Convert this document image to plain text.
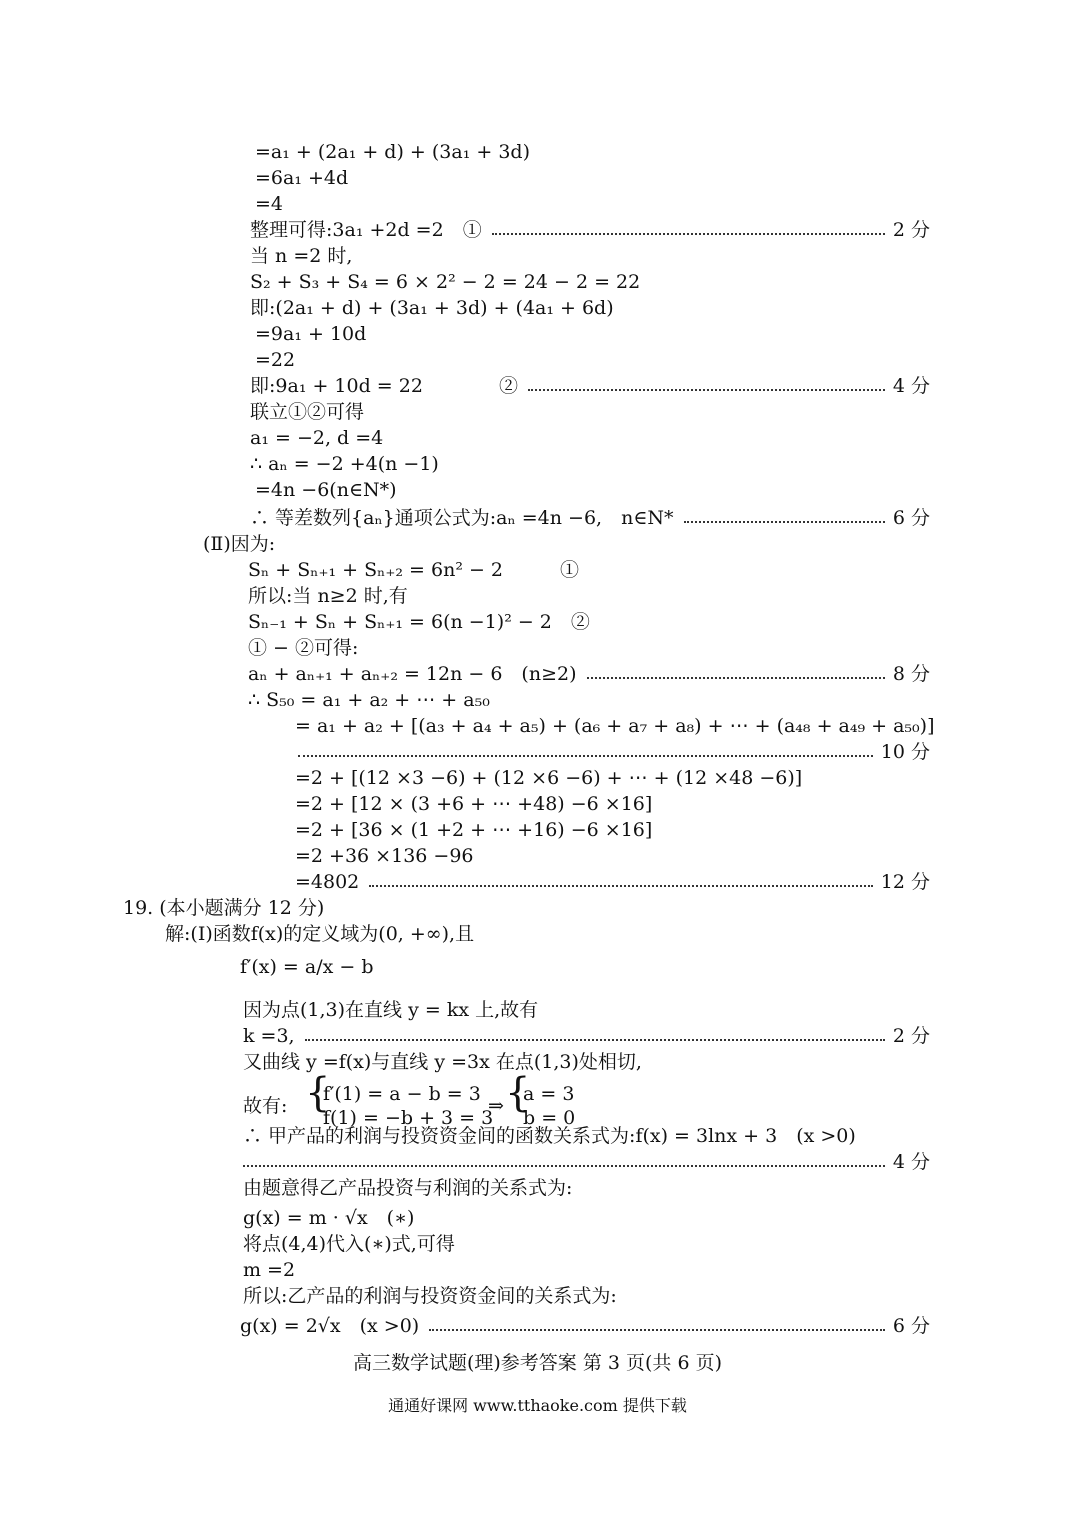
=a₁ + (2a₁ + d) + (3a₁ + 3d)
=6a₁ +4d
=4
整理可得:3a₁ +2d =2　①	2 分
当 n =2 时,
S₂ + S₃ + S₄ = 6 × 2² − 2 = 24 − 2 = 22
即:(2a₁ + d) + (3a₁ + 3d) + (4a₁ + 6d)
=9a₁ + 10d
=22
即:9a₁ + 10d = 22　　　　②	4 分
联立①②可得
a₁ = −2, d =4
∴ aₙ = −2 +4(n −1)
=4n −6(n∈N*)
∴ 等差数列{aₙ}通项公式为:aₙ =4n −6,　n∈N*	6 分
(Ⅱ)因为:
Sₙ + Sₙ₊₁ + Sₙ₊₂ = 6n² − 2　　　①
所以:当 n≥2 时,有
Sₙ₋₁ + Sₙ + Sₙ₊₁ = 6(n −1)² − 2　②
① − ②可得:
aₙ + aₙ₊₁ + aₙ₊₂ = 12n − 6　(n≥2)	8 分
∴ S₅₀ = a₁ + a₂ + ⋯ + a₅₀
= a₁ + a₂ + [(a₃ + a₄ + a₅) + (a₆ + a₇ + a₈) + ⋯ + (a₄₈ + a₄₉ + a₅₀)]
10 分
=2 + [(12 ×3 −6) + (12 ×6 −6) + ⋯ + (12 ×48 −6)]
=2 + [12 × (3 +6 + ⋯ +48) −6 ×16]
=2 + [36 × (1 +2 + ⋯ +16) −6 ×16]
=2 +36 ×136 −96
=4802	12 分
19. (本小题满分 12 分)
解:(Ⅰ)函数f(x)的定义域为(0, +∞),且
f′(x) = a/x − b
因为点(1,3)在直线 y = kx 上,故有
k =3,	2 分
又曲线 y =f(x)与直线 y =3x 在点(1,3)处相切,
故有: {
f′(1) = a − b = 3
f(1) = −b + 3 = 3
⇒ {
a = 3
b = 0
∴ 甲产品的利润与投资资金间的函数关系式为:f(x) = 3lnx + 3　(x >0)
4 分
由题意得乙产品投资与利润的关系式为:
g(x) = m · √x　(∗)
将点(4,4)代入(∗)式,可得
m =2
所以:乙产品的利润与投资资金间的关系式为:
g(x) = 2√x　(x >0)	6 分
高三数学试题(理)参考答案 第 3 页(共 6 页)
通通好课网 www.tthaoke.com 提供下载
